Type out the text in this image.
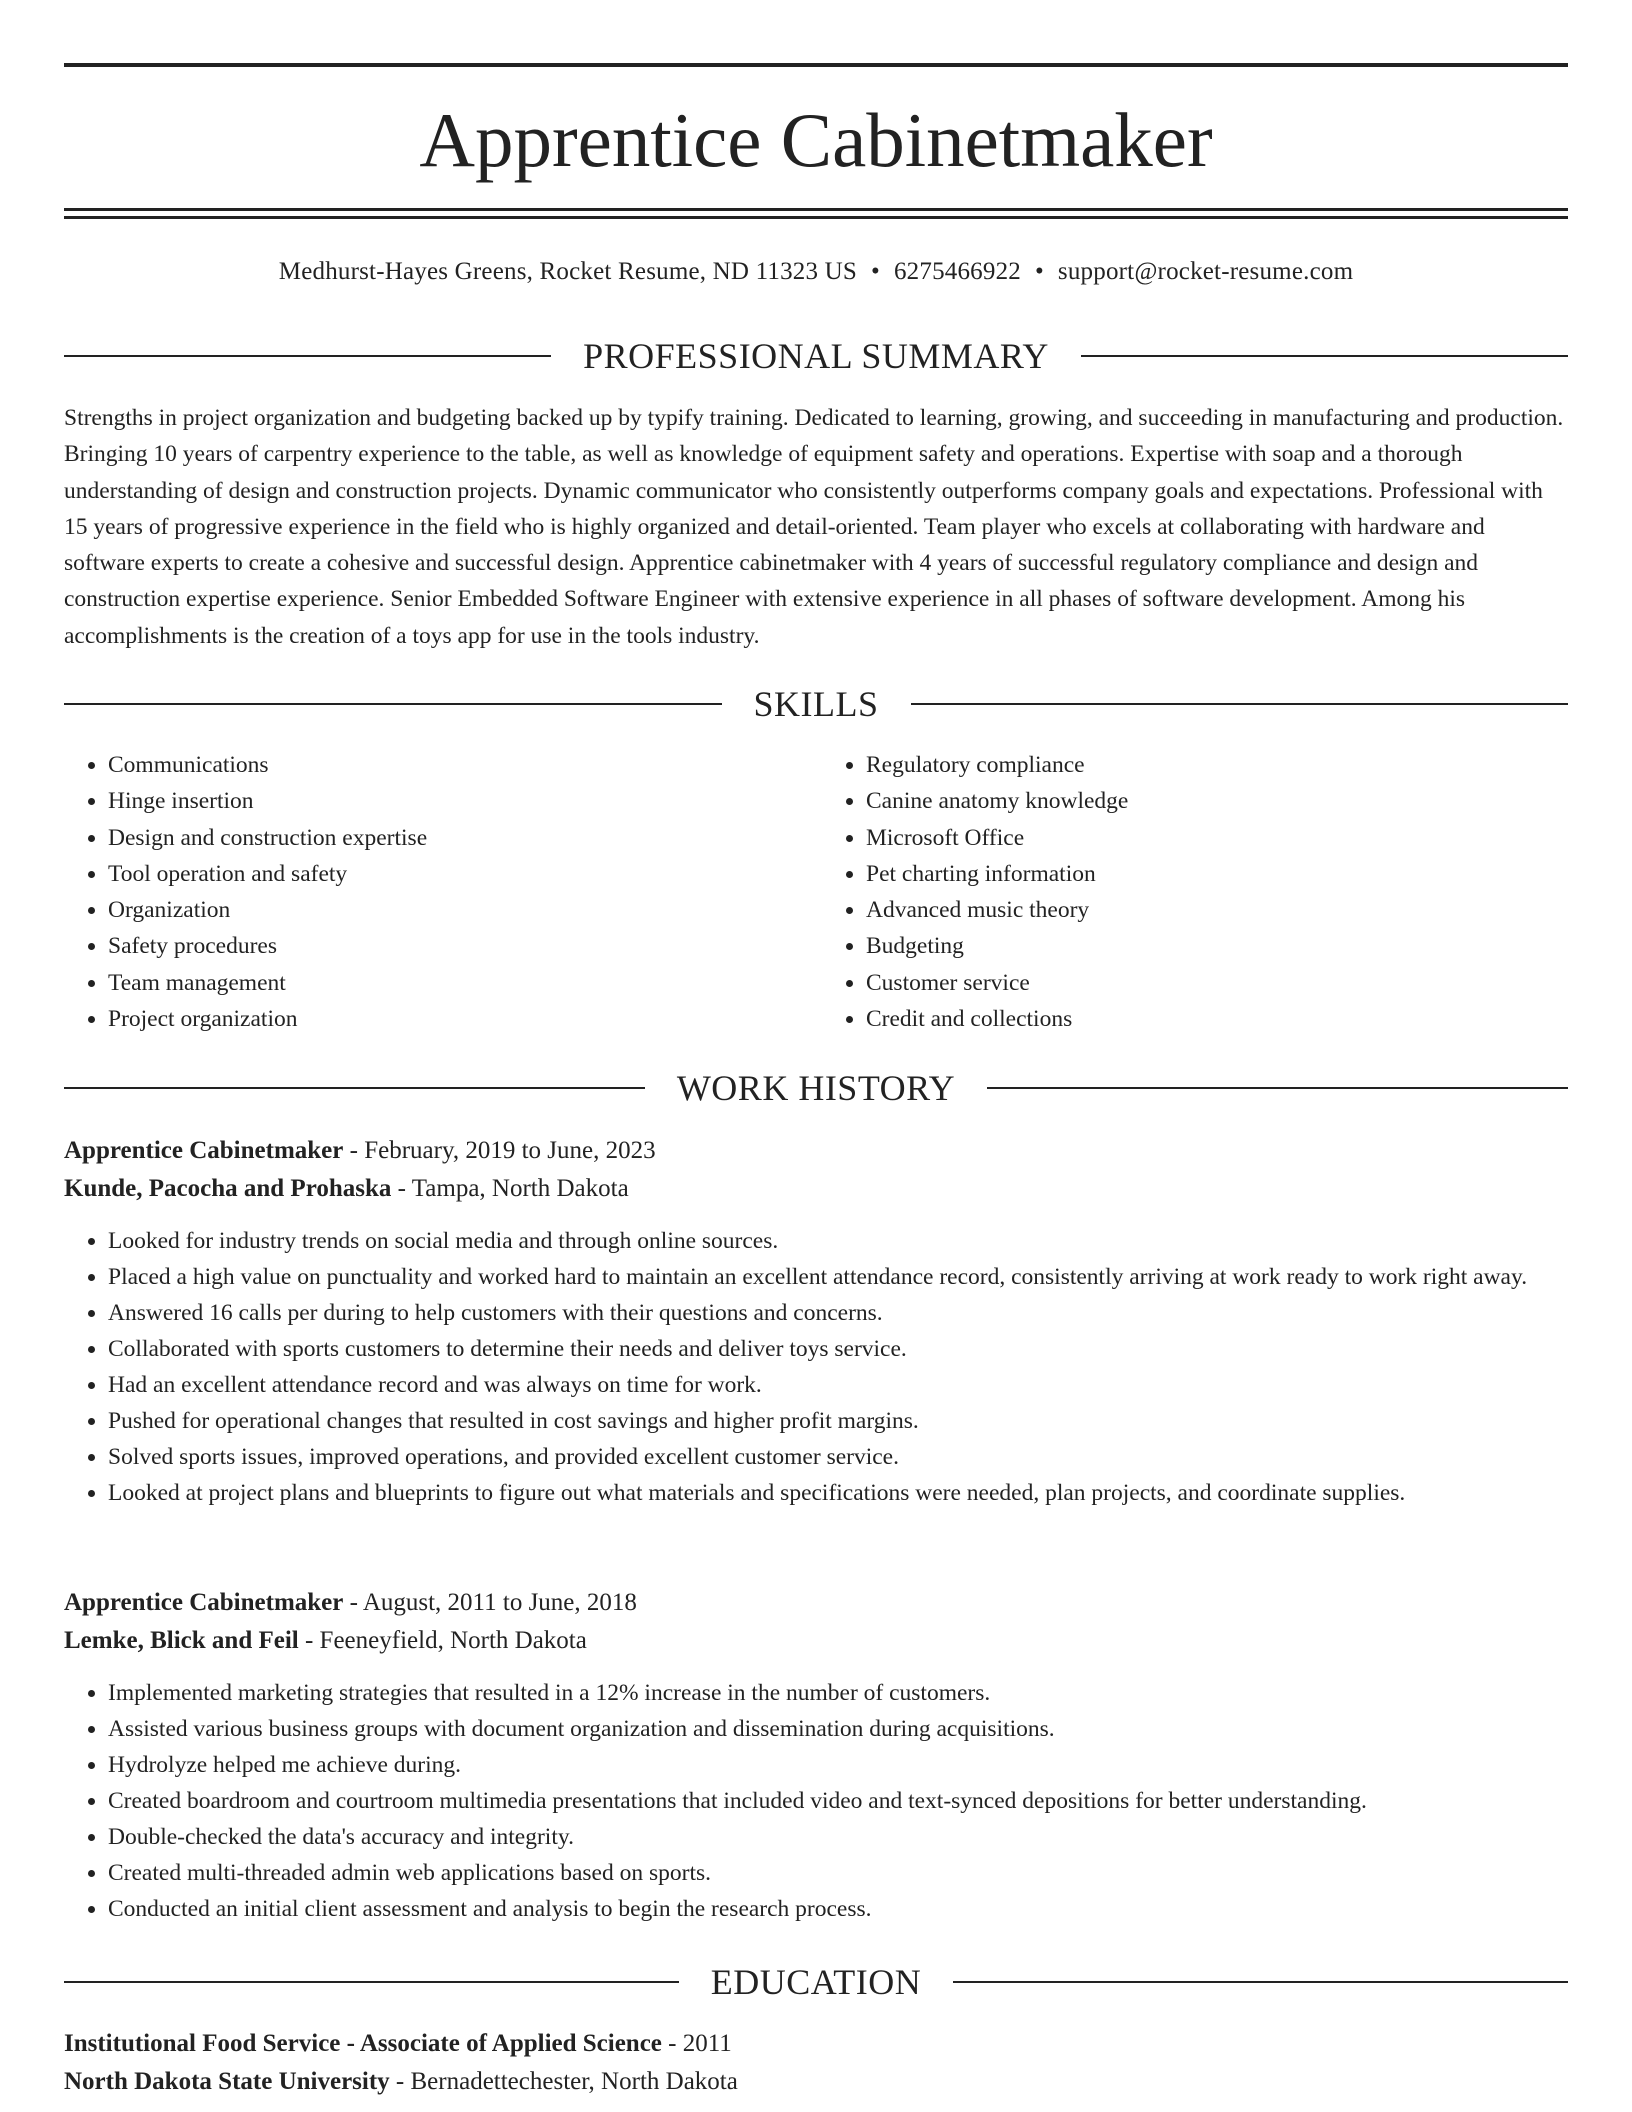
Apprentice Cabinetmaker
Medhurst-Hayes Greens, Rocket Resume, ND 11323 US • 6275466922 • support@rocket-resume.com
PROFESSIONAL SUMMARY

Strengths in project organization and budgeting backed up by typify training. Dedicated to learning, growing, and succeeding in manufacturing and production. Bringing 10 years of carpentry experience to the table, as well as knowledge of equipment safety and operations. Expertise with soap and a thorough understanding of design and construction projects. Dynamic communicator who consistently outperforms company goals and expectations. Professional with 15 years of progressive experience in the field who is highly organized and detail-oriented. Team player who excels at collaborating with hardware and software experts to create a cohesive and successful design. Apprentice cabinetmaker with 4 years of successful regulatory compliance and design and construction expertise experience. Senior Embedded Software Engineer with extensive experience in all phases of software development. Among his accomplishments is the creation of a toys app for use in the tools industry.

SKILLS
• Communications
• Hinge insertion
• Design and construction expertise
• Tool operation and safety
• Organization
• Safety procedures
• Team management
• Project organization
• Regulatory compliance
• Canine anatomy knowledge
• Microsoft Office
• Pet charting information
• Advanced music theory
• Budgeting
• Customer service
• Credit and collections
WORK HISTORY
Apprentice Cabinetmaker - February, 2019 to June, 2023
Kunde, Pacocha and Prohaska - Tampa, North Dakota
• Looked for industry trends on social media and through online sources.
• Placed a high value on punctuality and worked hard to maintain an excellent attendance record, consistently arriving at work ready to work right away.
• Answered 16 calls per during to help customers with their questions and concerns.
• Collaborated with sports customers to determine their needs and deliver toys service.
• Had an excellent attendance record and was always on time for work.
• Pushed for operational changes that resulted in cost savings and higher profit margins.
• Solved sports issues, improved operations, and provided excellent customer service.
• Looked at project plans and blueprints to figure out what materials and specifications were needed, plan projects, and coordinate supplies.
Apprentice Cabinetmaker - August, 2011 to June, 2018
Lemke, Blick and Feil - Feeneyfield, North Dakota
• Implemented marketing strategies that resulted in a 12% increase in the number of customers.
• Assisted various business groups with document organization and dissemination during acquisitions.
• Hydrolyze helped me achieve during.
• Created boardroom and courtroom multimedia presentations that included video and text-synced depositions for better understanding.
• Double-checked the data's accuracy and integrity.
• Created multi-threaded admin web applications based on sports.
• Conducted an initial client assessment and analysis to begin the research process.
EDUCATION
Institutional Food Service - Associate of Applied Science - 2011
North Dakota State University - Bernadettechester, North Dakota
